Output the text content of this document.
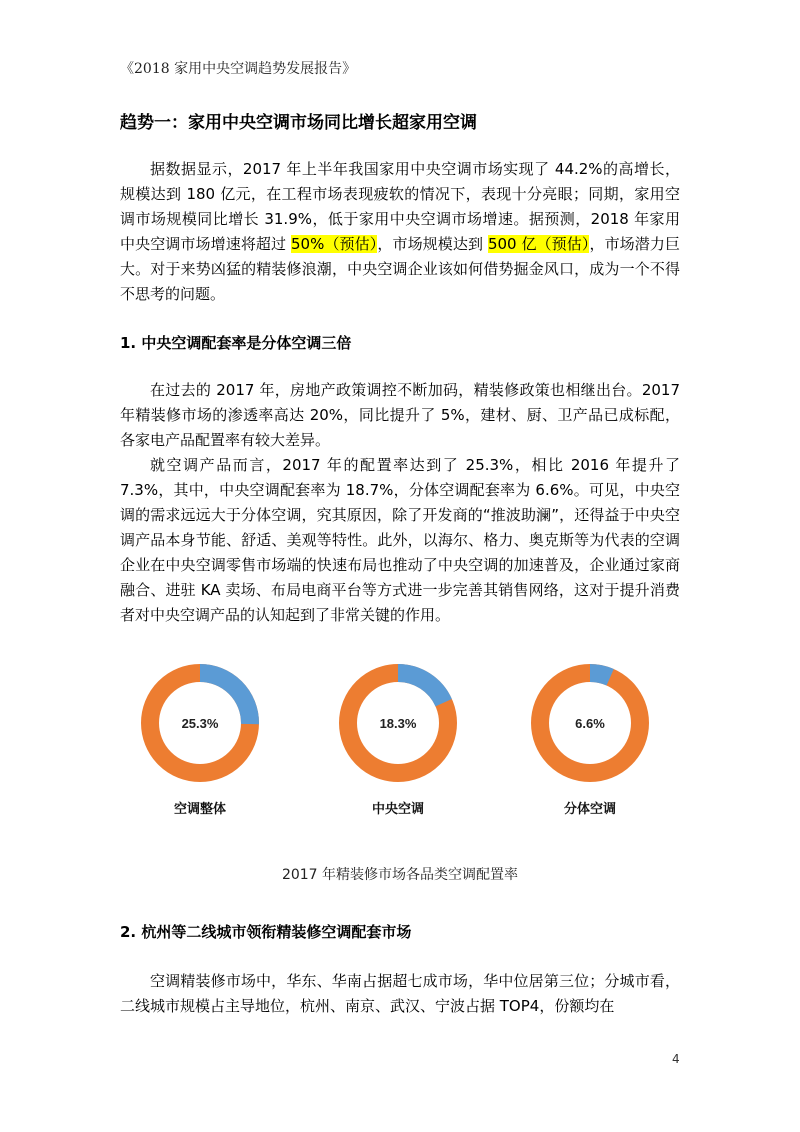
《2018 家用中央空调趋势发展报告》
趋势一：家用中央空调市场同比增长超家用空调

据数据显示，2017 年上半年我国家用中央空调市场实现了 44.2%的高增长，规模达到 180 亿元，在工程市场表现疲软的情况下，表现十分亮眼；同期，家用空调市场规模同比增长 31.9%，低于家用中央空调市场增速。据预测，2018 年家用中央空调市场增速将超过 50%（预估），市场规模达到 500 亿（预估），市场潜力巨大。对于来势凶猛的精装修浪潮，中央空调企业该如何借势掘金风口，成为一个不得不思考的问题。

1. 中央空调配套率是分体空调三倍

在过去的 2017 年，房地产政策调控不断加码，精装修政策也相继出台。2017 年精装修市场的渗透率高达 20%，同比提升了 5%，建材、厨、卫产品已成标配，各家电产品配置率有较大差异。

就空调产品而言，2017 年的配置率达到了 25.3%，相比 2016 年提升了 7.3%，其中，中央空调配套率为 18.7%，分体空调配套率为 6.6%。可见，中央空调的需求远远大于分体空调，究其原因，除了开发商的“推波助澜”，还得益于中央空调产品本身节能、舒适、美观等特性。此外，以海尔、格力、奥克斯等为代表的空调企业在中央空调零售市场端的快速布局也推动了中央空调的加速普及，企业通过家商融合、进驻 KA 卖场、布局电商平台等方式进一步完善其销售网络，这对于提升消费者对中央空调产品的认知起到了非常关键的作用。

25.3%
空调整体
18.3%
中央空调
6.6%
分体空调
2017 年精装修市场各品类空调配置率
2. 杭州等二线城市领衔精装修空调配套市场

空调精装修市场中，华东、华南占据超七成市场，华中位居第三位；分城市看，二线城市规模占主导地位，杭州、南京、武汉、宁波占据 TOP4，份额均在

4
